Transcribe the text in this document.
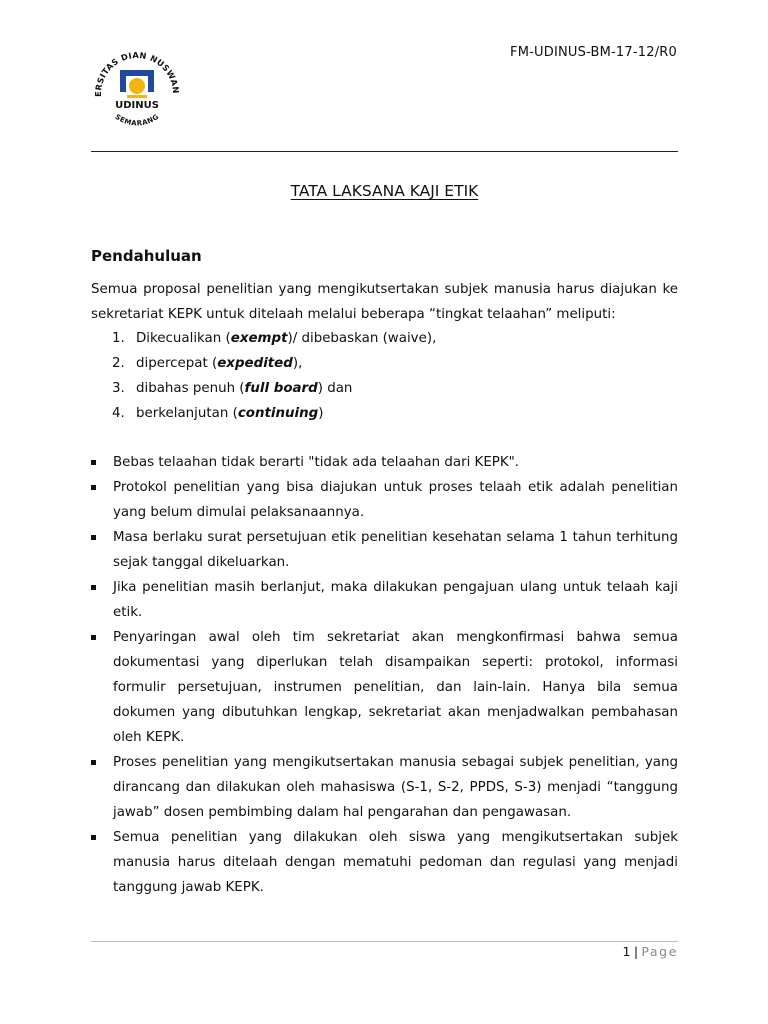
ERSITAS DIAN NUSWAN
SEMARANG
UDINUS
FM-UDINUS-BM-17-12/R0
TATA LAKSANA KAJI ETIK
Pendahuluan

Semua proposal penelitian yang mengikutsertakan subjek manusia harus diajukan ke sekretariat KEPK untuk ditelaah melalui beberapa “tingkat telaahan” meliputi:

1. Dikecualikan (exempt)/ dibebaskan (waive),
2. dipercepat (expedited),
3. dibahas penuh (full board) dan
4. berkelanjutan (continuing)
Bebas telaahan tidak berarti "tidak ada telaahan dari KEPK".
Protokol penelitian yang bisa diajukan untuk proses telaah etik adalah penelitian yang belum dimulai pelaksanaannya.
Masa berlaku surat persetujuan etik penelitian kesehatan selama 1 tahun terhitung sejak tanggal dikeluarkan.
Jika penelitian masih berlanjut, maka dilakukan pengajuan ulang untuk telaah kaji etik.
Penyaringan awal oleh tim sekretariat akan mengkonfirmasi bahwa semua dokumentasi yang diperlukan telah disampaikan seperti: protokol, informasi formulir persetujuan, instrumen penelitian, dan lain-lain. Hanya bila semua dokumen yang dibutuhkan lengkap, sekretariat akan menjadwalkan pembahasan oleh KEPK.
Proses penelitian yang mengikutsertakan manusia sebagai subjek penelitian, yang dirancang dan dilakukan oleh mahasiswa (S-1, S-2, PPDS, S-3) menjadi “tanggung jawab” dosen pembimbing dalam hal pengarahan dan pengawasan.
Semua penelitian yang dilakukan oleh siswa yang mengikutsertakan subjek manusia harus ditelaah dengan mematuhi pedoman dan regulasi yang menjadi tanggung jawab KEPK.
1 | Page
